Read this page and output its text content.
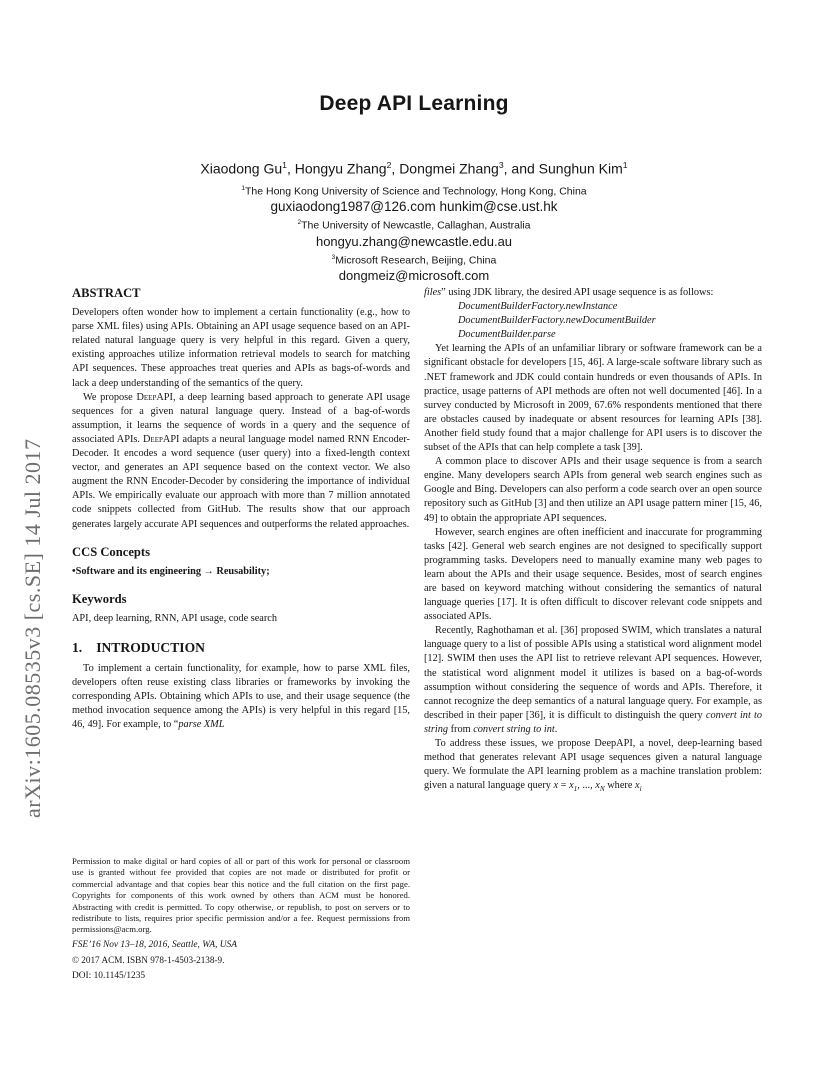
arXiv:1605.08535v3 [cs.SE] 14 Jul 2017
Deep API Learning
Xiaodong Gu$^1$, Hongyu Zhang$^2$, Dongmei Zhang$^3$, and Sunghun Kim$^1$
$^1$The Hong Kong University of Science and Technology, Hong Kong, China
guxiaodong1987@126.com hunkim@cse.ust.hk
$^2$The University of Newcastle, Callaghan, Australia
hongyu.zhang@newcastle.edu.au
$^3$Microsoft Research, Beijing, China
dongmeiz@microsoft.com
ABSTRACT

Developers often wonder how to implement a certain functionality (e.g., how to parse XML files) using APIs. Obtaining an API usage sequence based on an API-related natural language query is very helpful in this regard. Given a query, existing approaches utilize information retrieval models to search for matching API sequences. These approaches treat queries and APIs as bags-of-words and lack a deep understanding of the semantics of the query.

We propose DeepAPI, a deep learning based approach to generate API usage sequences for a given natural language query. Instead of a bag-of-words assumption, it learns the sequence of words in a query and the sequence of associated APIs. DeepAPI adapts a neural language model named RNN Encoder-Decoder. It encodes a word sequence (user query) into a fixed-length context vector, and generates an API sequence based on the context vector. We also augment the RNN Encoder-Decoder by considering the importance of individual APIs. We empirically evaluate our approach with more than 7 million annotated code snippets collected from GitHub. The results show that our approach generates largely accurate API sequences and outperforms the related approaches.

CCS Concepts

•Software and its engineering → Reusability;

Keywords

API, deep learning, RNN, API usage, code search

1. INTRODUCTION

To implement a certain functionality, for example, how to parse XML files, developers often reuse existing class libraries or frameworks by invoking the corresponding APIs. Obtaining which APIs to use, and their usage sequence (the method invocation sequence among the APIs) is very helpful in this regard [15, 46, 49]. For example, to “parse XML

Permission to make digital or hard copies of all or part of this work for personal or classroom use is granted without fee provided that copies are not made or distributed for profit or commercial advantage and that copies bear this notice and the full citation on the first page. Copyrights for components of this work owned by others than ACM must be honored. Abstracting with credit is permitted. To copy otherwise, or republish, to post on servers or to redistribute to lists, requires prior specific permission and/or a fee. Request permissions from permissions@acm.org.

FSE’16 Nov 13–18, 2016, Seattle, WA, USA

© 2017 ACM. ISBN 978-1-4503-2138-9.

DOI: 10.1145/1235

files” using JDK library, the desired API usage sequence is as follows:

DocumentBuilderFactory.newInstance
DocumentBuilderFactory.newDocumentBuilder
DocumentBuilder.parse

Yet learning the APIs of an unfamiliar library or software framework can be a significant obstacle for developers [15, 46]. A large-scale software library such as .NET framework and JDK could contain hundreds or even thousands of APIs. In practice, usage patterns of API methods are often not well documented [46]. In a survey conducted by Microsoft in 2009, 67.6% respondents mentioned that there are obstacles caused by inadequate or absent resources for learning APIs [38]. Another field study found that a major challenge for API users is to discover the subset of the APIs that can help complete a task [39].

A common place to discover APIs and their usage sequence is from a search engine. Many developers search APIs from general web search engines such as Google and Bing. Developers can also perform a code search over an open source repository such as GitHub [3] and then utilize an API usage pattern miner [15, 46, 49] to obtain the appropriate API sequences.

However, search engines are often inefficient and inaccurate for programming tasks [42]. General web search engines are not designed to specifically support programming tasks. Developers need to manually examine many web pages to learn about the APIs and their usage sequence. Besides, most of search engines are based on keyword matching without considering the semantics of natural language queries [17]. It is often difficult to discover relevant code snippets and associated APIs.

Recently, Raghothaman et al. [36] proposed SWIM, which translates a natural language query to a list of possible APIs using a statistical word alignment model [12]. SWIM then uses the API list to retrieve relevant API sequences. However, the statistical word alignment model it utilizes is based on a bag-of-words assumption without considering the sequence of words and APIs. Therefore, it cannot recognize the deep semantics of a natural language query. For example, as described in their paper [36], it is difficult to distinguish the query convert int to string from convert string to int.

To address these issues, we propose DeepAPI, a novel, deep-learning based method that generates relevant API usage sequences given a natural language query. We formulate the API learning problem as a machine translation problem: given a natural language query $x = x_1$, ..., $x_N$ where $x_i$
